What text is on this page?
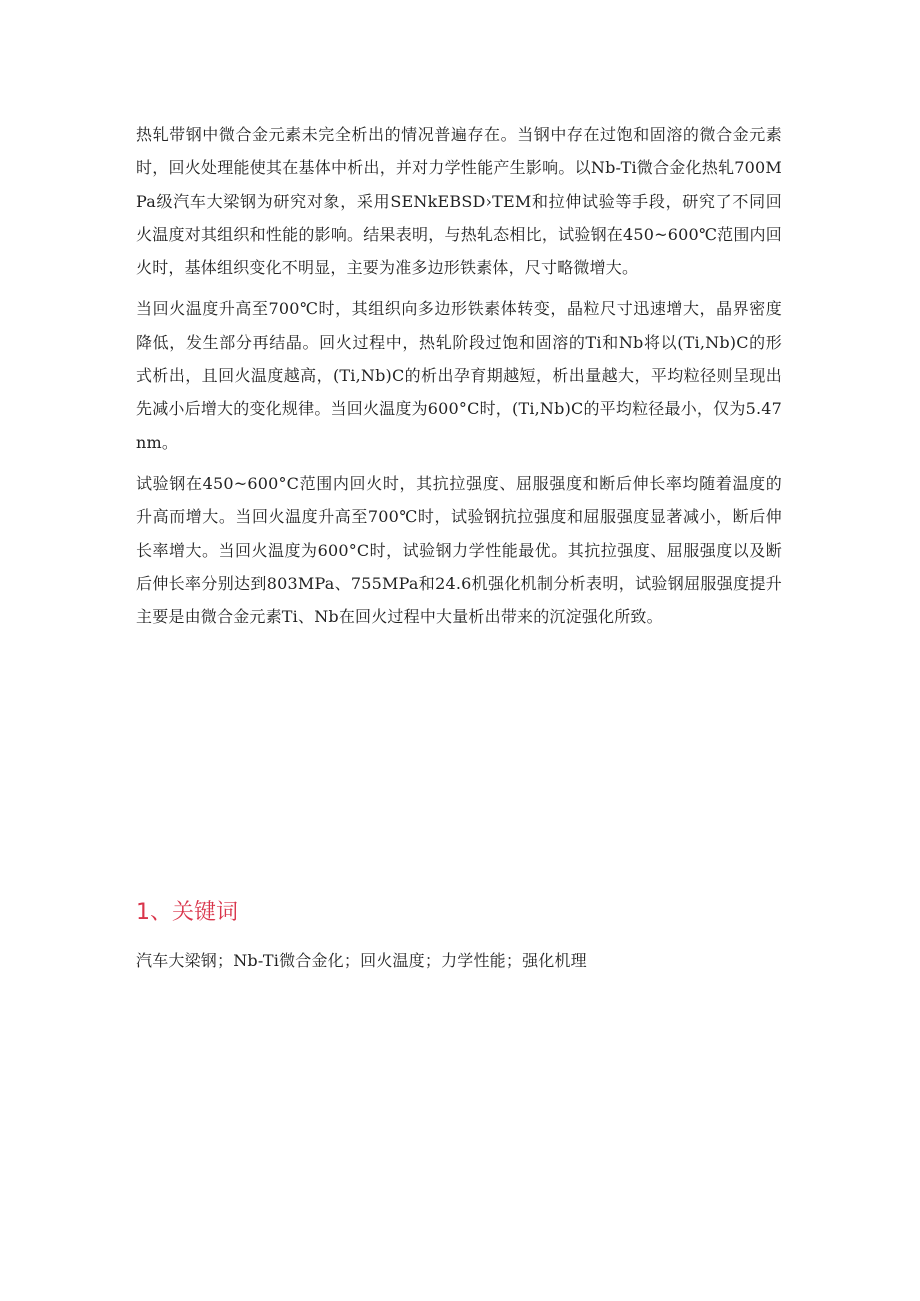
热轧带钢中微合金元素未完全析出的情况普遍存在。当钢中存在过饱和固溶的微合金元素时，回火处理能使其在基体中析出，并对力学性能产生影响。以Nb-Ti微合金化热轧700MPa级汽车大梁钢为研究对象，采用SENkEBSD›TEM和拉伸试验等手段，研究了不同回火温度对其组织和性能的影响。结果表明，与热轧态相比，试验钢在450~600℃范围内回火时，基体组织变化不明显，主要为准多边形铁素体，尺寸略微增大。

当回火温度升高至700℃时，其组织向多边形铁素体转变，晶粒尺寸迅速增大，晶界密度降低，发生部分再结晶。回火过程中，热轧阶段过饱和固溶的Ti和Nb将以(Ti,Nb)C的形式析出，且回火温度越高，(Ti,Nb)C的析出孕育期越短，析出量越大，平均粒径则呈现出先减小后增大的变化规律。当回火温度为600°C时，(Ti,Nb)C的平均粒径最小，仅为5.47nm。

试验钢在450~600°C范围内回火时，其抗拉强度、屈服强度和断后伸长率均随着温度的升高而增大。当回火温度升高至700℃时，试验钢抗拉强度和屈服强度显著减小，断后伸长率增大。当回火温度为600°C时，试验钢力学性能最优。其抗拉强度、屈服强度以及断后伸长率分别达到803MPa、755MPa和24.6机强化机制分析表明，试验钢屈服强度提升主要是由微合金元素Ti、Nb在回火过程中大量析出带来的沉淀强化所致。

1、关键词

汽车大梁钢；Nb-Ti微合金化；回火温度；力学性能；强化机理
